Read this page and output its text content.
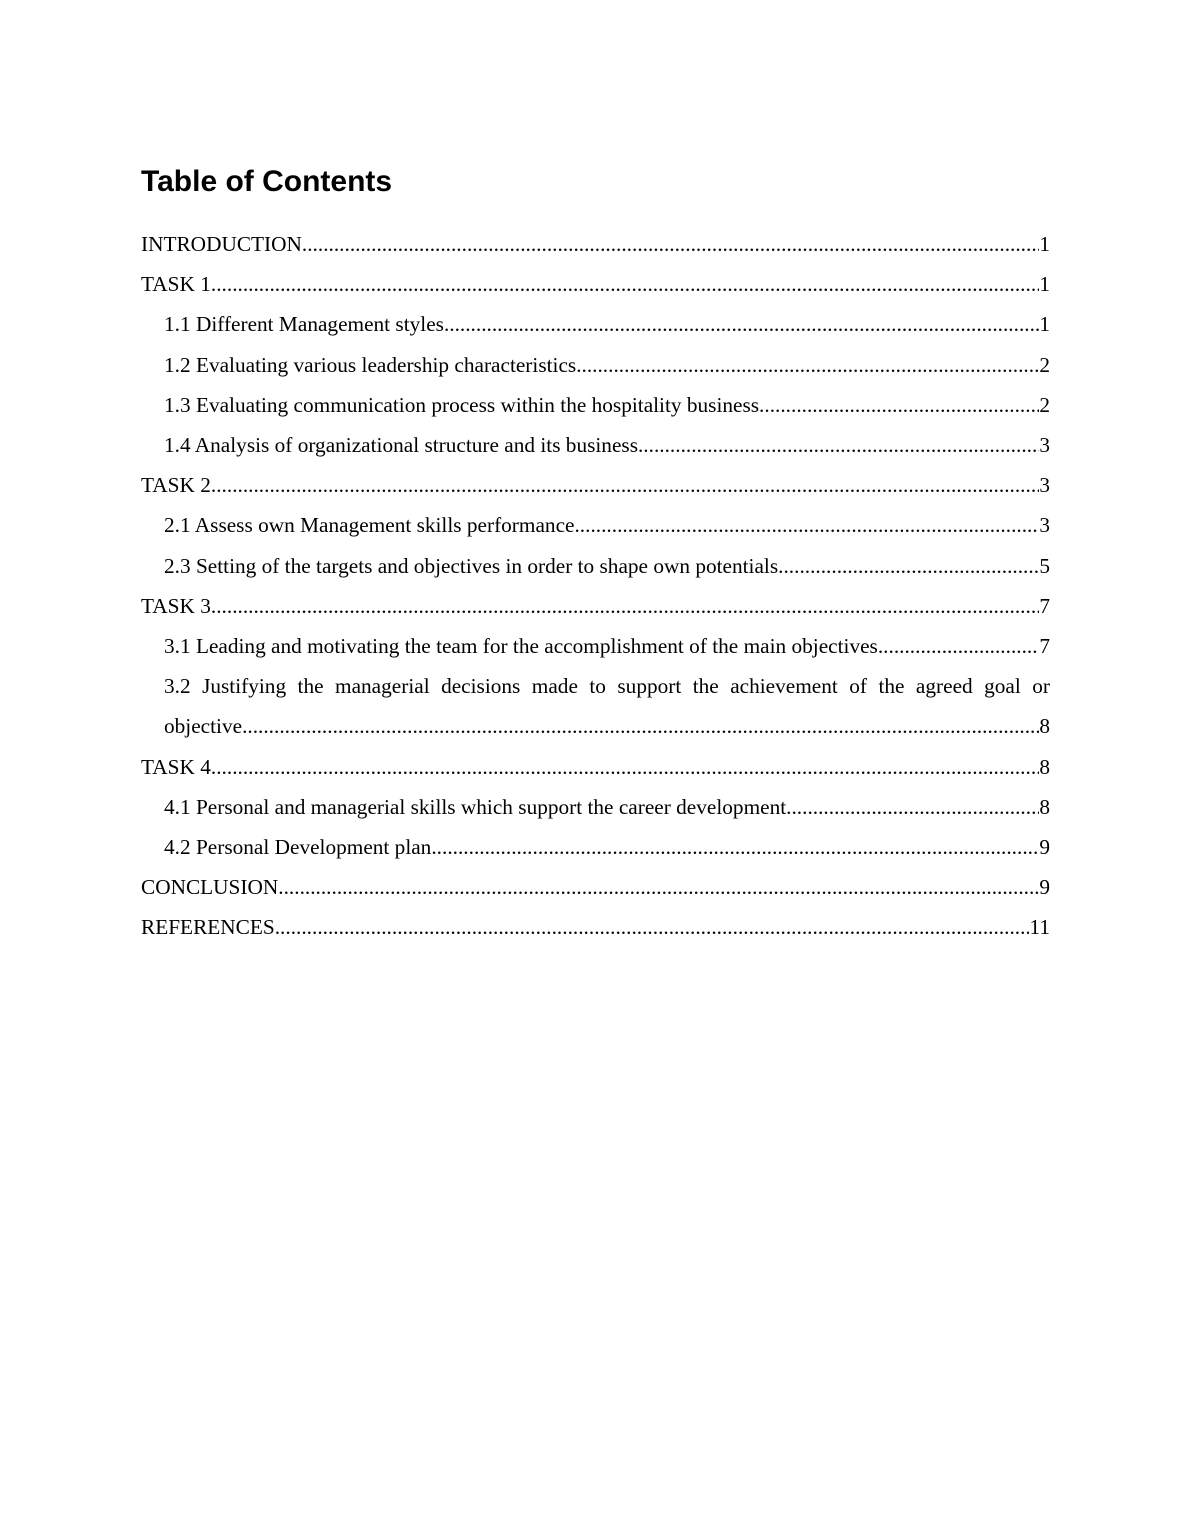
Table of Contents
INTRODUCTION .....	1
TASK 1 .....	1
1.1 Different Management styles .....	1
1.2 Evaluating various leadership characteristics .....	2
1.3 Evaluating communication process within the hospitality business .....	2
1.4 Analysis of organizational structure and its business .....	3
TASK 2 .....	3
2.1 Assess own Management skills performance .....	3
2.3 Setting of the targets and objectives in order to shape own potentials .....	5
TASK 3 .....	7
3.1 Leading and motivating the team for the accomplishment of the main objectives .....	7
3.2 Justifying the managerial decisions made to support the achievement of the agreed goal or
objective .....	8
TASK 4 .....	8
4.1 Personal and managerial skills which support the career development .....	8
4.2 Personal Development plan .....	9
CONCLUSION .....	9
REFERENCES .....	11
